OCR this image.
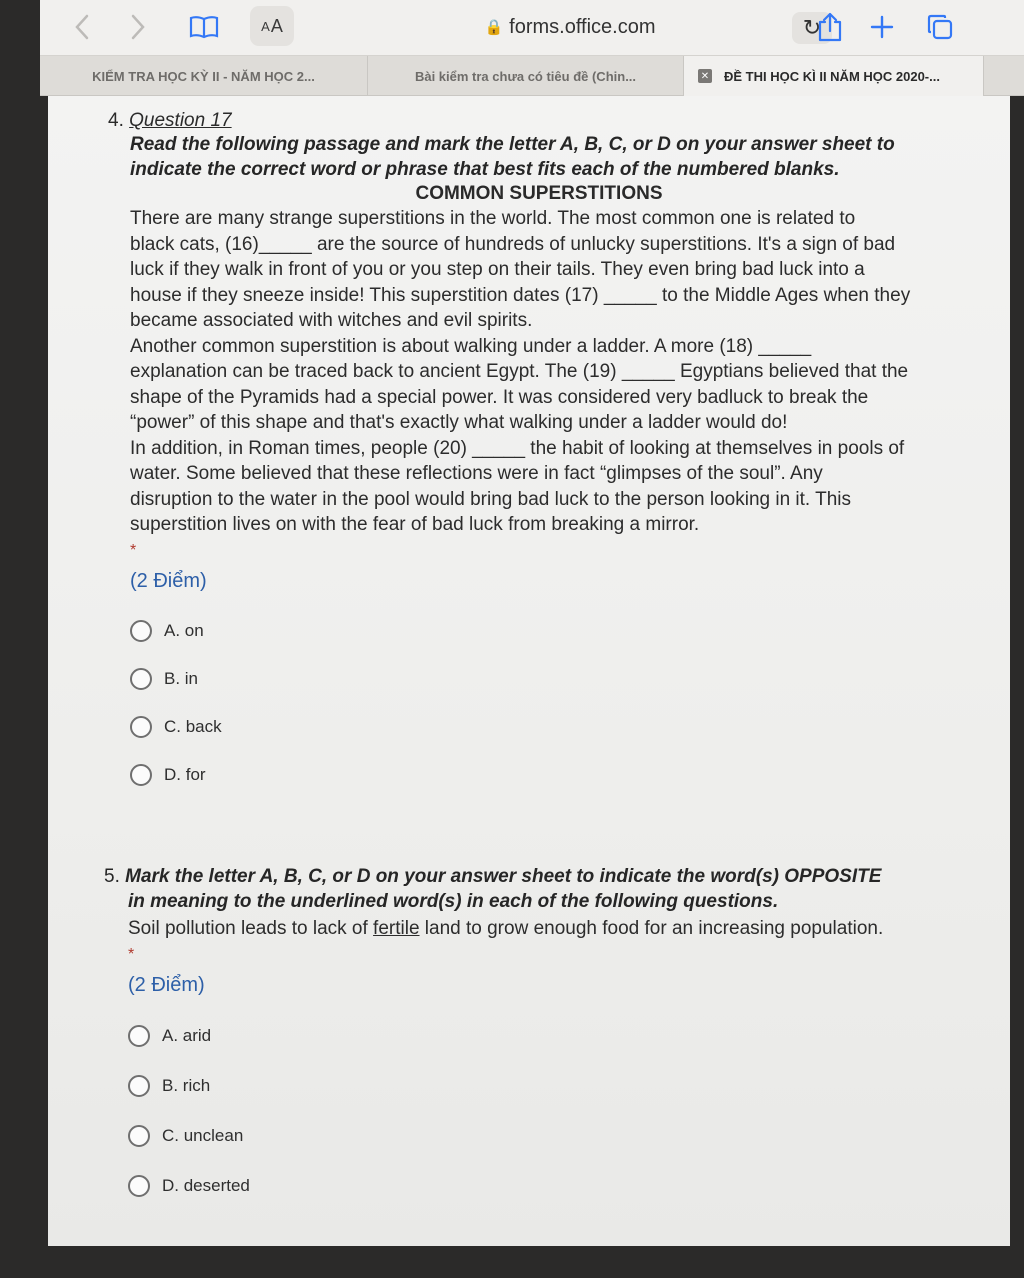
A A	🔒 forms.office.com	↻
KIỂM TRA HỌC KỲ II - NĂM HỌC 2...	Bài kiểm tra chưa có tiêu đề (Chin...	✕ ĐỀ THI HỌC KÌ II NĂM HỌC 2020-...
4. Question 17
Read the following passage and mark the letter A, B, C, or D on your answer sheet to
indicate the correct word or phrase that best fits each of the numbered blanks.
COMMON SUPERSTITIONS
There are many strange superstitions in the world. The most common one is related to
black cats, (16)_____ are the source of hundreds of unlucky superstitions. It's a sign of bad
luck if they walk in front of you or you step on their tails. They even bring bad luck into a
house if they sneeze inside! This superstition dates (17) _____ to the Middle Ages when they
became associated with witches and evil spirits.
Another common superstition is about walking under a ladder. A more (18) _____
explanation can be traced back to ancient Egypt. The (19) _____ Egyptians believed that the
shape of the Pyramids had a special power. It was considered very badluck to break the
“power” of this shape and that's exactly what walking under a ladder would do!
In addition, in Roman times, people (20) _____ the habit of looking at themselves in pools of
water. Some believed that these reflections were in fact “glimpses of the soul”. Any
disruption to the water in the pool would bring bad luck to the person looking in it. This
superstition lives on with the fear of bad luck from breaking a mirror.
*
(2 Điểm)
A. on
B. in
C. back
D. for
5. Mark the letter A, B, C, or D on your answer sheet to indicate the word(s) OPPOSITE
in meaning to the underlined word(s) in each of the following questions.
Soil pollution leads to lack of fertile land to grow enough food for an increasing population.
*
(2 Điểm)
A. arid
B. rich
C. unclean
D. deserted
